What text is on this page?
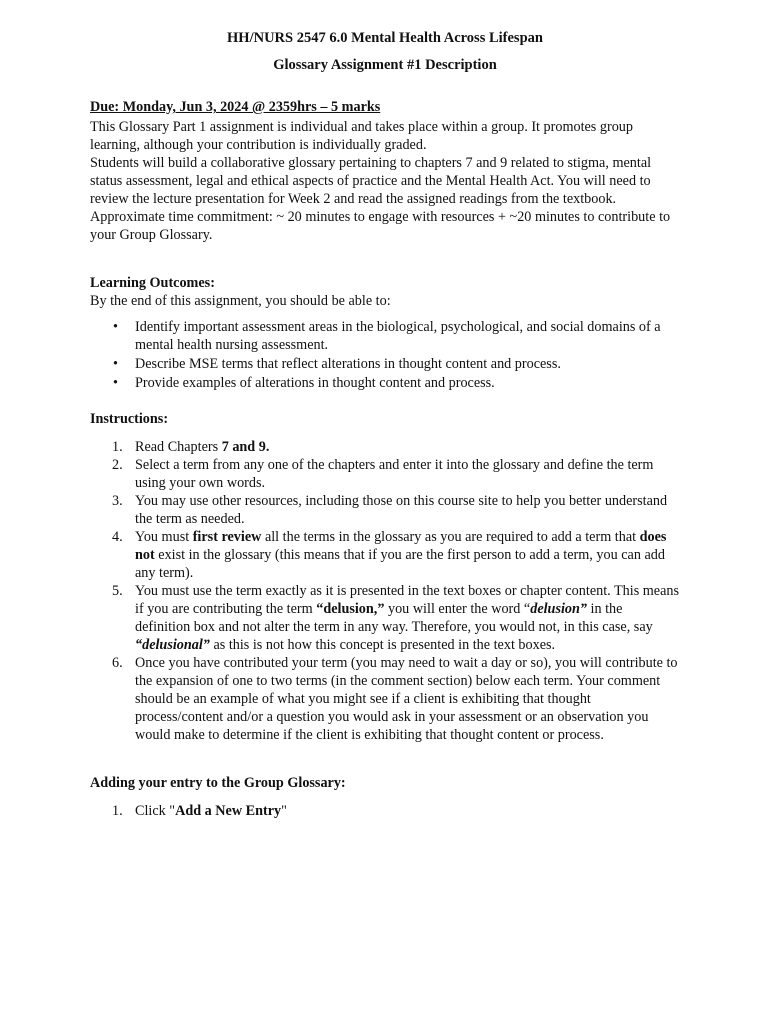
HH/NURS 2547 6.0 Mental Health Across Lifespan
Glossary Assignment #1 Description
Due: Monday, Jun 3, 2024 @ 2359hrs – 5 marks

This Glossary Part 1 assignment is individual and takes place within a group. It promotes group learning, although your contribution is individually graded.

Students will build a collaborative glossary pertaining to chapters 7 and 9 related to stigma, mental status assessment, legal and ethical aspects of practice and the Mental Health Act. You will need to review the lecture presentation for Week 2 and read the assigned readings from the textbook.

Approximate time commitment: ~ 20 minutes to engage with resources + ~20 minutes to contribute to your Group Glossary.

Learning Outcomes:

By the end of this assignment, you should be able to:

• Identify important assessment areas in the biological, psychological, and social domains of a mental health nursing assessment.
• Describe MSE terms that reflect alterations in thought content and process.
• Provide examples of alterations in thought content and process.

Instructions:

1. Read Chapters 7 and 9.
2. Select a term from any one of the chapters and enter it into the glossary and define the term using your own words.
3. You may use other resources, including those on this course site to help you better understand the term as needed.
4. You must first review all the terms in the glossary as you are required to add a term that does not exist in the glossary (this means that if you are the first person to add a term, you can add any term).
5. You must use the term exactly as it is presented in the text boxes or chapter content. This means if you are contributing the term “delusion,” you will enter the word “delusion” in the definition box and not alter the term in any way. Therefore, you would not, in this case, say “delusional” as this is not how this concept is presented in the text boxes.
6. Once you have contributed your term (you may need to wait a day or so), you will contribute to the expansion of one to two terms (in the comment section) below each term. Your comment should be an example of what you might see if a client is exhibiting that thought process/content and/or a question you would ask in your assessment or an observation you would make to determine if the client is exhibiting that thought content or process.

Adding your entry to the Group Glossary:

1. Click "Add a New Entry"
